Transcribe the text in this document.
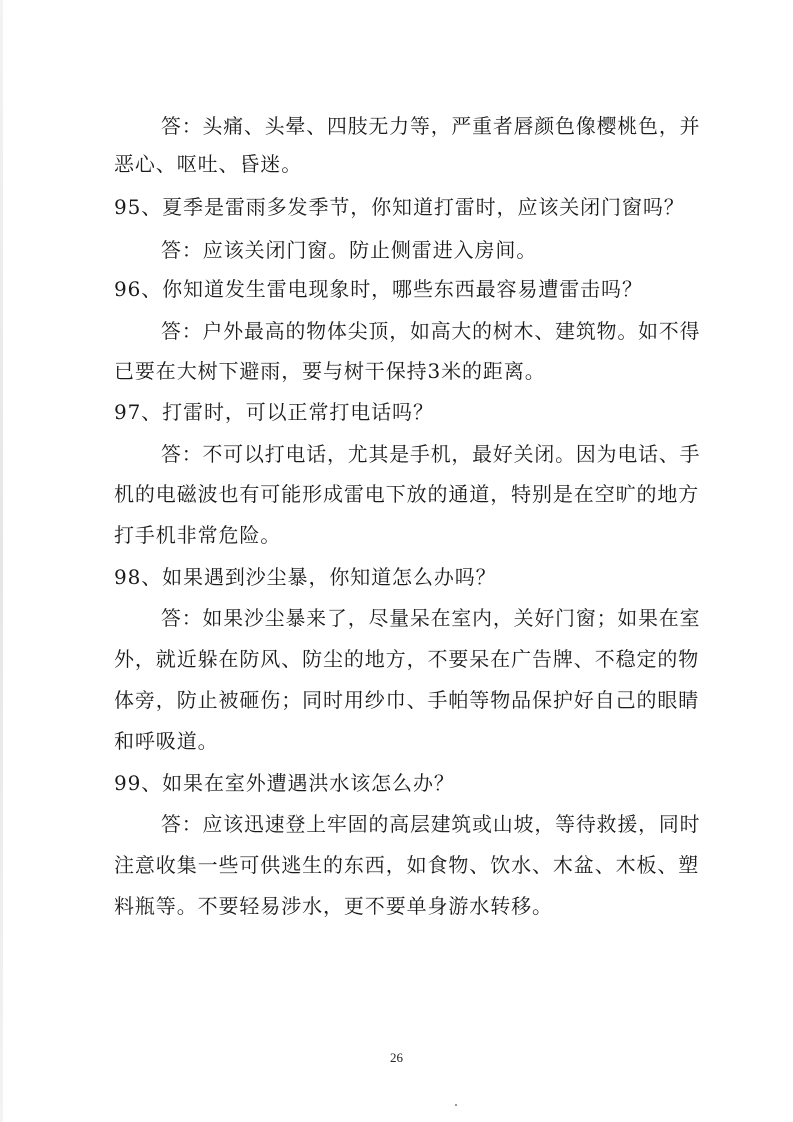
答：头痛、头晕、四肢无力等，严重者唇颜色像樱桃色，并
恶心、呕吐、昏迷。
95、夏季是雷雨多发季节，你知道打雷时，应该关闭门窗吗？
答：应该关闭门窗。防止侧雷进入房间。
96、你知道发生雷电现象时，哪些东西最容易遭雷击吗？
答：户外最高的物体尖顶，如高大的树木、建筑物。如不得
已要在大树下避雨，要与树干保持3米的距离。
97、打雷时，可以正常打电话吗？
答：不可以打电话，尤其是手机，最好关闭。因为电话、手
机的电磁波也有可能形成雷电下放的通道，特别是在空旷的地方
打手机非常危险。
98、如果遇到沙尘暴，你知道怎么办吗？
答：如果沙尘暴来了，尽量呆在室内，关好门窗；如果在室
外，就近躲在防风、防尘的地方，不要呆在广告牌、不稳定的物
体旁，防止被砸伤；同时用纱巾、手帕等物品保护好自己的眼睛
和呼吸道。
99、如果在室外遭遇洪水该怎么办？
答：应该迅速登上牢固的高层建筑或山坡，等待救援，同时
注意收集一些可供逃生的东西，如食物、饮水、木盆、木板、塑
料瓶等。不要轻易涉水，更不要单身游水转移。
26
